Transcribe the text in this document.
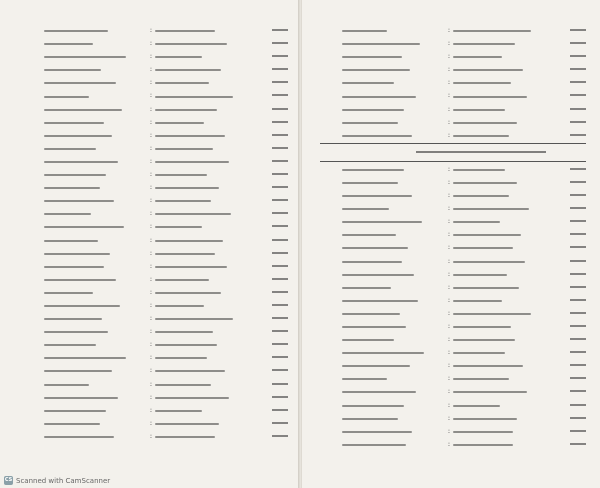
:
:
:
:
:
:
:
:
:
:
:
:
:
:
:
:
:
:
:
:
:
:
:
:
:
:
:
:
:
:
:
:
:
:
:
:
:
:
:
:
:
:
:
:
:
:
:
:
:
:
:
:
:
:
:
:
:
:
:
:
:
:
:
CS Scanned with CamScanner
